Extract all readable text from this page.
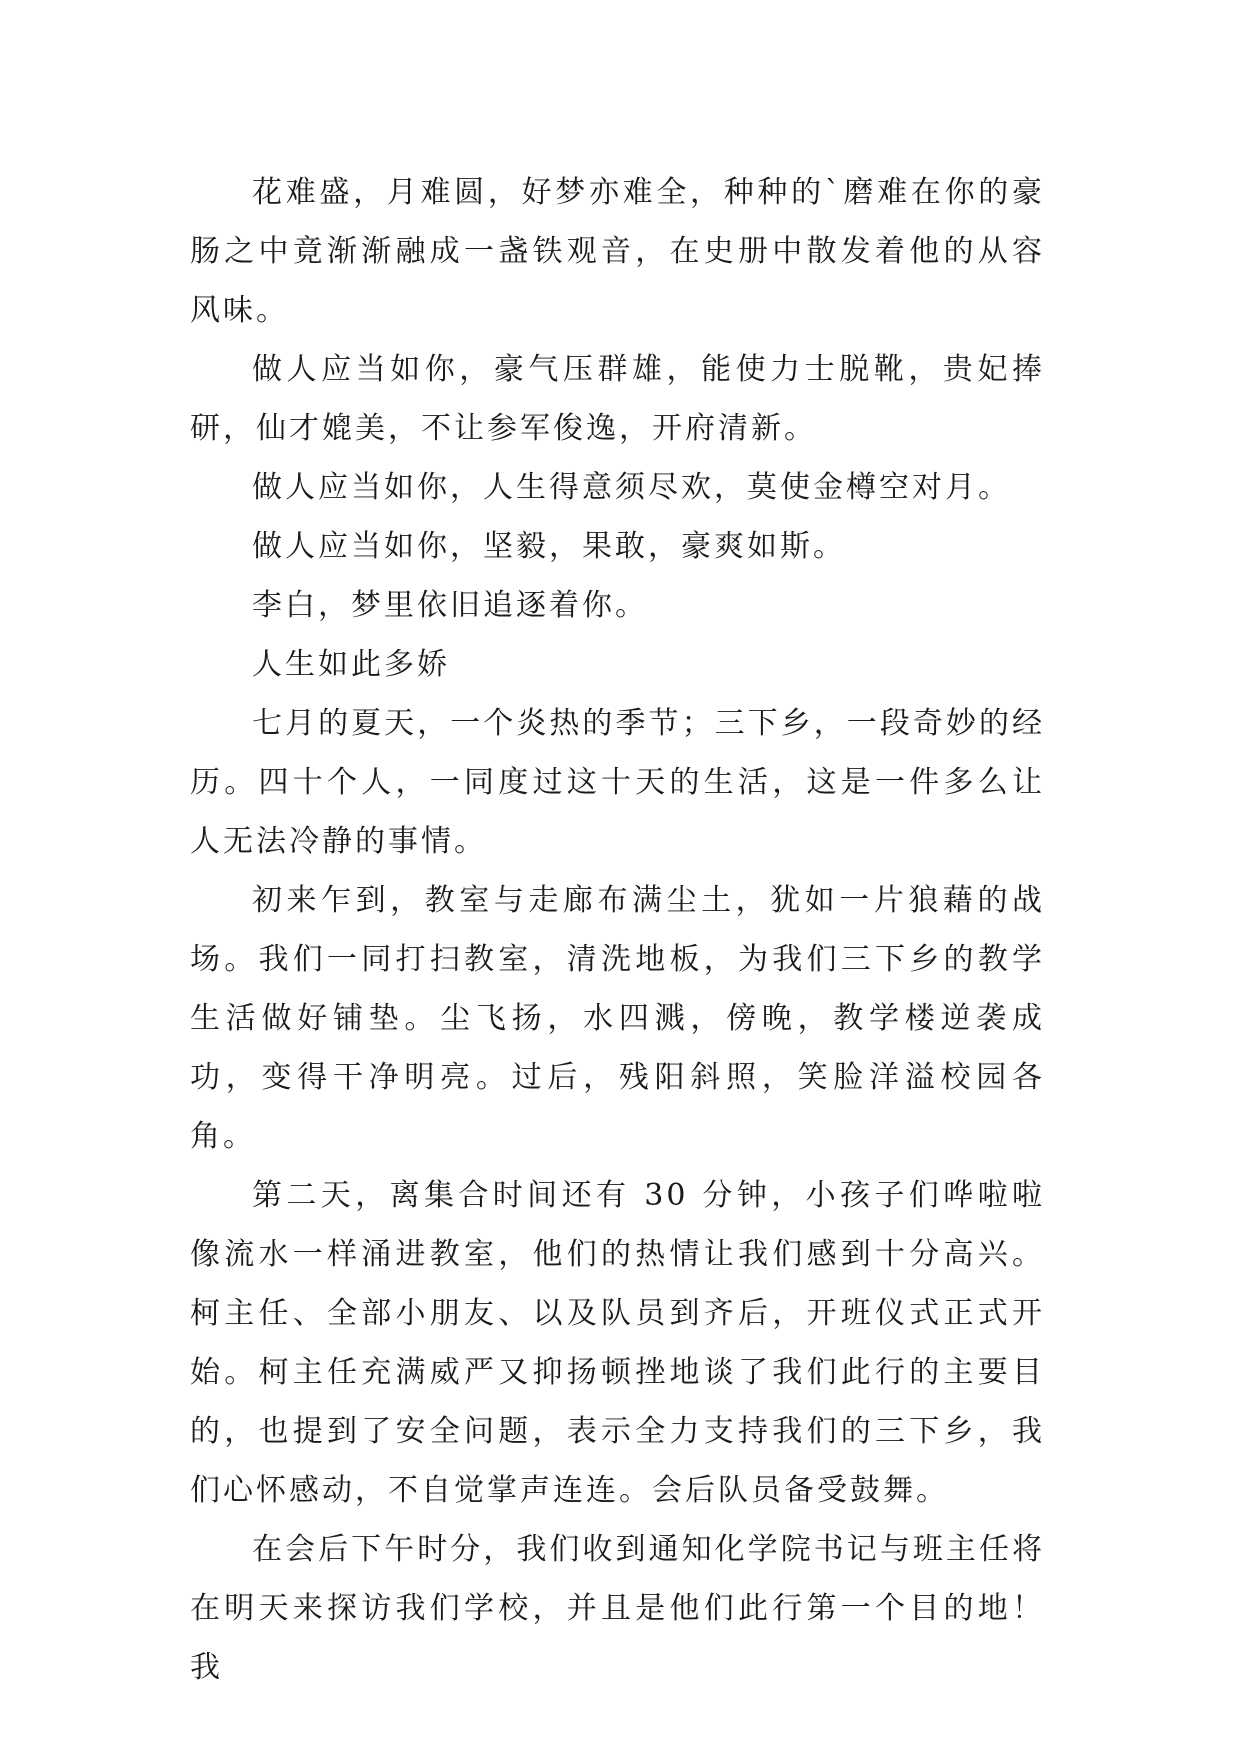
花难盛，月难圆，好梦亦难全，种种的`磨难在你的豪肠之中竟渐渐融成一盏铁观音，在史册中散发着他的从容风味。

做人应当如你，豪气压群雄，能使力士脱靴，贵妃捧研，仙才媲美，不让参军俊逸，开府清新。

做人应当如你，人生得意须尽欢，莫使金樽空对月。

做人应当如你，坚毅，果敢，豪爽如斯。

李白，梦里依旧追逐着你。

人生如此多娇

七月的夏天，一个炎热的季节；三下乡，一段奇妙的经历。四十个人，一同度过这十天的生活，这是一件多么让人无法冷静的事情。

初来乍到，教室与走廊布满尘土，犹如一片狼藉的战场。我们一同打扫教室，清洗地板，为我们三下乡的教学生活做好铺垫。尘飞扬，水四溅，傍晚，教学楼逆袭成功，变得干净明亮。过后，残阳斜照，笑脸洋溢校园各角。

第二天，离集合时间还有 30 分钟，小孩子们哗啦啦像流水一样涌进教室，他们的热情让我们感到十分高兴。柯主任、全部小朋友、以及队员到齐后，开班仪式正式开始。柯主任充满威严又抑扬顿挫地谈了我们此行的主要目的，也提到了安全问题，表示全力支持我们的三下乡，我们心怀感动，不自觉掌声连连。会后队员备受鼓舞。

在会后下午时分，我们收到通知化学院书记与班主任将在明天来探访我们学校，并且是他们此行第一个目的地！我
